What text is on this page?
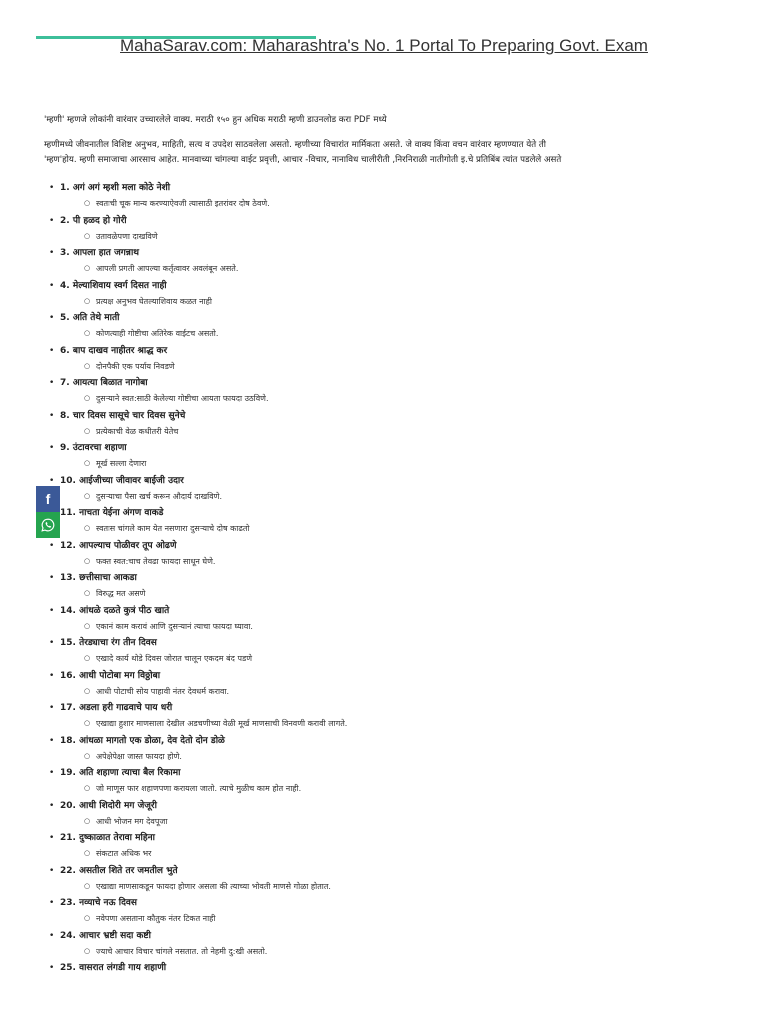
MahaSarav.com: Maharashtra's No. 1 Portal To Preparing Govt. Exam
'म्हणी' म्हणजे लोकांनी वारंवार उच्चारलेले वाक्य. मराठी १५० हुन अधिक मराठी म्हणी डाउनलोड करा PDF मध्ये
म्हणीमध्ये जीवनातील विशिष्ट अनुभव, माहिती, सत्य व उपदेश साठवलेला असतो. म्हणीच्या विचारांत मार्मिकता असते. जे वाक्य किंवा वचन वारंवार म्हणण्यात येते ती
'म्हण'होय. म्हणी समाजाचा आरसाच आहेत. मानवाच्या चांगल्या वाईट प्रवृत्ती, आचार -विचार, नानाविध चालीरीती ,निरनिराळी नातीगोती इ.चे प्रतिबिंब त्यांत पडलेले असते
• 1. अगं अगं म्हशी मला कोठे नेशी
○ स्वतःची चूक मान्य करण्याऐवजी त्यासाठी इतरांवर दोष ठेवणे.
• 2. पी हळद हो गोरी
○ उतावळेपणा दाखविणे
• 3. आपला हात जगन्नाथ
○ आपली प्रगती आपल्या कर्तृत्वावर अवलंबून असते.
• 4. मेल्याशिवाय स्वर्ग दिसत नाही
○ प्रत्यक्ष अनुभव घेतल्याशिवाय कळत नाही
• 5. अति तेथे माती
○ कोणत्याही गोष्टीचा अतिरेक वाईटच असतो.
• 6. बाप दाखव नाहीतर श्राद्ध कर
○ दोनपैकी एक पर्याय निवडणे
• 7. आयत्या बिळात नागोबा
○ दुसऱ्याने स्वत:साठी केलेल्या गोष्टीचा आयता फायदा उठविणे.
• 8. चार दिवस सासूचे चार दिवस सुनेचे
○ प्रत्येकाची वेळ कधीतरी येतेच
• 9. उंटावरचा शहाणा
○ मूर्ख सल्ला देणारा
• 10. आईजीच्या जीवावर बाईजी उदार
○ दुसऱ्याचा पैसा खर्च करून औदार्य दाखविणे.
• 11. नाचता येईना अंगण वाकडे
○ स्वतःस चांगले काम येत नसणारा दुसऱ्याचे दोष काढतो
• 12. आपल्याच पोळीवर तूप ओढणे
○ फक्त स्वत:चाच तेवढा फायदा साधून घेणे.
• 13. छत्तीसाचा आकडा
○ विरुद्ध मत असणे
• 14. आंधळे दळते कुत्रं पीठ खाते
○ एकानं काम करावं आणि दुसऱ्यानं त्याचा फायदा घ्यावा.
• 15. तेरड्याचा रंग तीन दिवस
○ एखादे कार्य थोडे दिवस जोरात चालून एकदम बंद पडणे
• 16. आधी पोटोबा मग विठ्ठोबा
○ आधी पोटाची सोय पाहावी नंतर देवधर्म करावा.
• 17. अडला हरी गाढवाचे पाय धरी
○ एखाद्या हुशार माणसाला देखील अडचणीच्या वेळी मूर्ख माणसाची विनवणी करावी लागते.
• 18. आंधळा मागतो एक डोळा, देव देतो दोन डोळे
○ अपेक्षेपेक्षा जास्त फायदा होणे.
• 19. अति शहाणा त्याचा बैल रिकामा
○ जो माणूस फार शहाणपणा करायला जातो. त्याचे मुळीच काम होत नाही.
• 20. आधी शिदोरी मग जेजूरी
○ आधी भोजन मग देवपूजा
• 21. दुष्काळात तेरावा महिना
○ संकटात अधिक भर
• 22. असतील शिते तर जमतील भुते
○ एखाद्या माणसाकडून फायदा होणार असला की त्याच्या भोवती माणसे गोळा होतात.
• 23. नव्याचे नऊ दिवस
○ नवेपणा असताना कौतुक नंतर टिकत नाही
• 24. आचार भ्रष्टी सदा कष्टी
○ ज्याचे आचार विचार चांगले नसतात. तो नेहमी दु:खी असतो.
• 25. वासरात लंगडी गाय शहाणी
f
